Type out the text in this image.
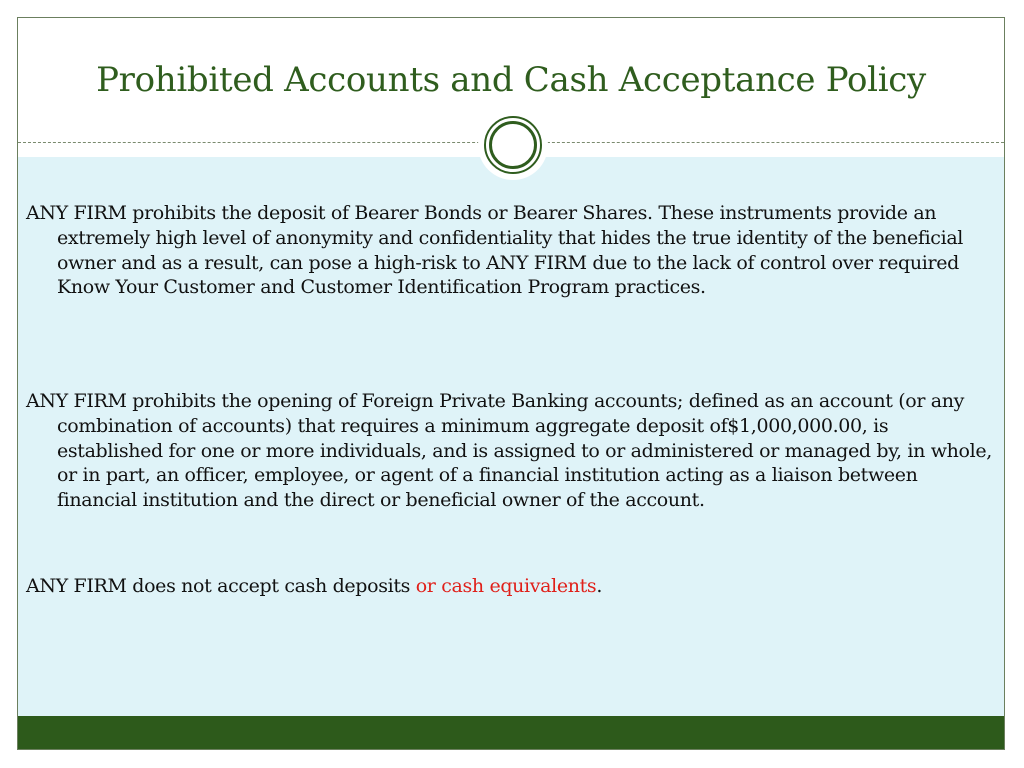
Prohibited Accounts and Cash Acceptance Policy

ANY FIRM prohibits the deposit of Bearer Bonds or Bearer Shares. These instruments provide an extremely high level of anonymity and confidentiality that hides the true identity of the beneficial owner and as a result, can pose a high-risk to ANY FIRM due to the lack of control over required Know Your Customer and Customer Identification Program practices.

ANY FIRM prohibits the opening of Foreign Private Banking accounts; defined as an account (or any combination of accounts) that requires a minimum aggregate deposit of$1,000,000.00, is established for one or more individuals, and is assigned to or administered or managed by, in whole, or in part, an officer, employee, or agent of a financial institution acting as a liaison between financial institution and the direct or beneficial owner of the account.

ANY FIRM does not accept cash deposits or cash equivalents.
